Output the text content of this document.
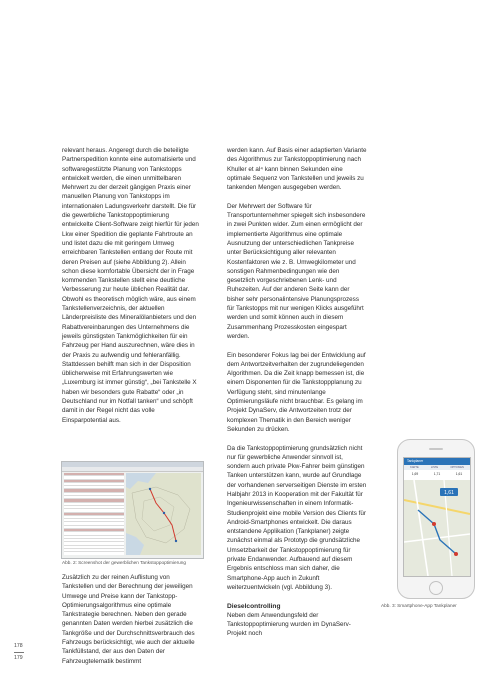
relevant heraus. Angeregt durch die beteiligte Partnerspedition konnte eine automatisierte und softwaregestützte Planung von Tankstopps entwickelt werden, die einen unmittelbaren Mehrwert zu der derzeit gängigen Praxis einer manuellen Planung von Tankstopps im internationalen Ladungsverkehr darstellt. Die für die gewerbliche Tankstoppoptimierung entwickelte Client-Software zeigt hierfür für jeden Lkw einer Spedition die geplante Fahrtroute an und listet dazu die mit geringem Umweg erreichbaren Tankstellen entlang der Route mit deren Preisen auf (siehe Abbildung 2). Allein schon diese komfortable Übersicht der in Frage kommenden Tankstellen stellt eine deutliche Verbesserung zur heute üblichen Realität dar. Obwohl es theoretisch möglich wäre, aus einem Tankstellenverzeichnis, der aktuellen Länderpreisliste des Mineralölanbieters und den Rabattvereinbarungen des Unternehmens die jeweils günstigsten Tankmöglichkeiten für ein Fahrzeug per Hand auszurechnen, wäre dies in der Praxis zu aufwendig und fehleranfällig. Stattdessen behilft man sich in der Disposition üblicherweise mit Erfahrungswerten wie „Luxemburg ist immer günstig“, „bei Tankstelle X haben wir besonders gute Rabatte“ oder „in Deutschland nur im Notfall tanken“ und schöpft damit in der Regel nicht das volle Einsparpotential aus.

Abb. 2: Screenshot der gewerblichen Tankstoppoptimierung

Zusätzlich zu der reinen Auflistung von Tankstellen und der Berechnung der jeweiligen Umwege und Preise kann der Tankstopp-Optimierungsalgorithmus eine optimale Tankstrategie berechnen. Neben den gerade genannten Daten werden hierbei zusätzlich die Tankgröße und der Durchschnittsverbrauch des Fahrzeugs berücksichtigt, wie auch der aktuelle Tankfüllstand, der aus den Daten der Fahrzeugtelematik bestimmt

werden kann. Auf Basis einer adaptierten Variante des Algorithmus zur Tankstoppoptimierung nach Khuller et al⁴ kann binnen Sekunden eine optimale Sequenz von Tankstellen und jeweils zu tankenden Mengen ausgegeben werden.

Der Mehrwert der Software für Transportunternehmer spiegelt sich insbesondere in zwei Punkten wider. Zum einen ermöglicht der implementierte Algorithmus eine optimale Ausnutzung der unterschiedlichen Tankpreise unter Berücksichtigung aller relevanten Kostenfaktoren wie z. B. Umwegkilometer und sonstigen Rahmenbedingungen wie den gesetzlich vorgeschriebenen Lenk- und Ruhezeiten. Auf der anderen Seite kann der bisher sehr personalintensive Planungsprozess für Tankstopps mit nur wenigen Klicks ausgeführt werden und somit können auch in diesem Zusammenhang Prozesskosten eingespart werden.

Ein besonderer Fokus lag bei der Entwicklung auf dem Antwortzeitverhalten der zugrundeliegenden Algorithmen. Da die Zeit knapp bemessen ist, die einem Disponenten für die Tankstoppplanung zu Verfügung steht, sind minutenlange Optimierungsläufe nicht brauchbar. Es gelang im Projekt DynaServ, die Antwortzeiten trotz der komplexen Thematik in den Bereich weniger Sekunden zu drücken.

Da die Tankstoppoptimierung grundsätzlich nicht nur für gewerbliche Anwender sinnvoll ist, sondern auch private Pkw-Fahrer beim günstigen Tanken unterstützen kann, wurde auf Grundlage der vorhandenen serverseitigen Dienste im ersten Halbjahr 2013 in Kooperation mit der Fakultät für Ingenieurwissenschaften in einem Informatik-Studienprojekt eine mobile Version des Clients für Android-Smartphones entwickelt. Die daraus entstandene Applikation (Tankplaner) zeigte zunächst einmal als Prototyp die grundsätzliche Umsetzbarkeit der Tankstoppoptimierung für private Endanwender. Aufbauend auf diesem Ergebnis entschloss man sich daher, die Smartphone-App auch in Zukunft weiterzuentwickeln (vgl. Abbildung 3).

Dieselcontrolling

Neben dem Anwendungsfeld der Tankstoppoptimierung wurden im DynaServ-Projekt noch

Tankplaner
KARTE	LISTE	OPTIONEN
1,69	1,71	1,61
1,61
Abb. 3: Smartphone-App Tankplaner
178
179
